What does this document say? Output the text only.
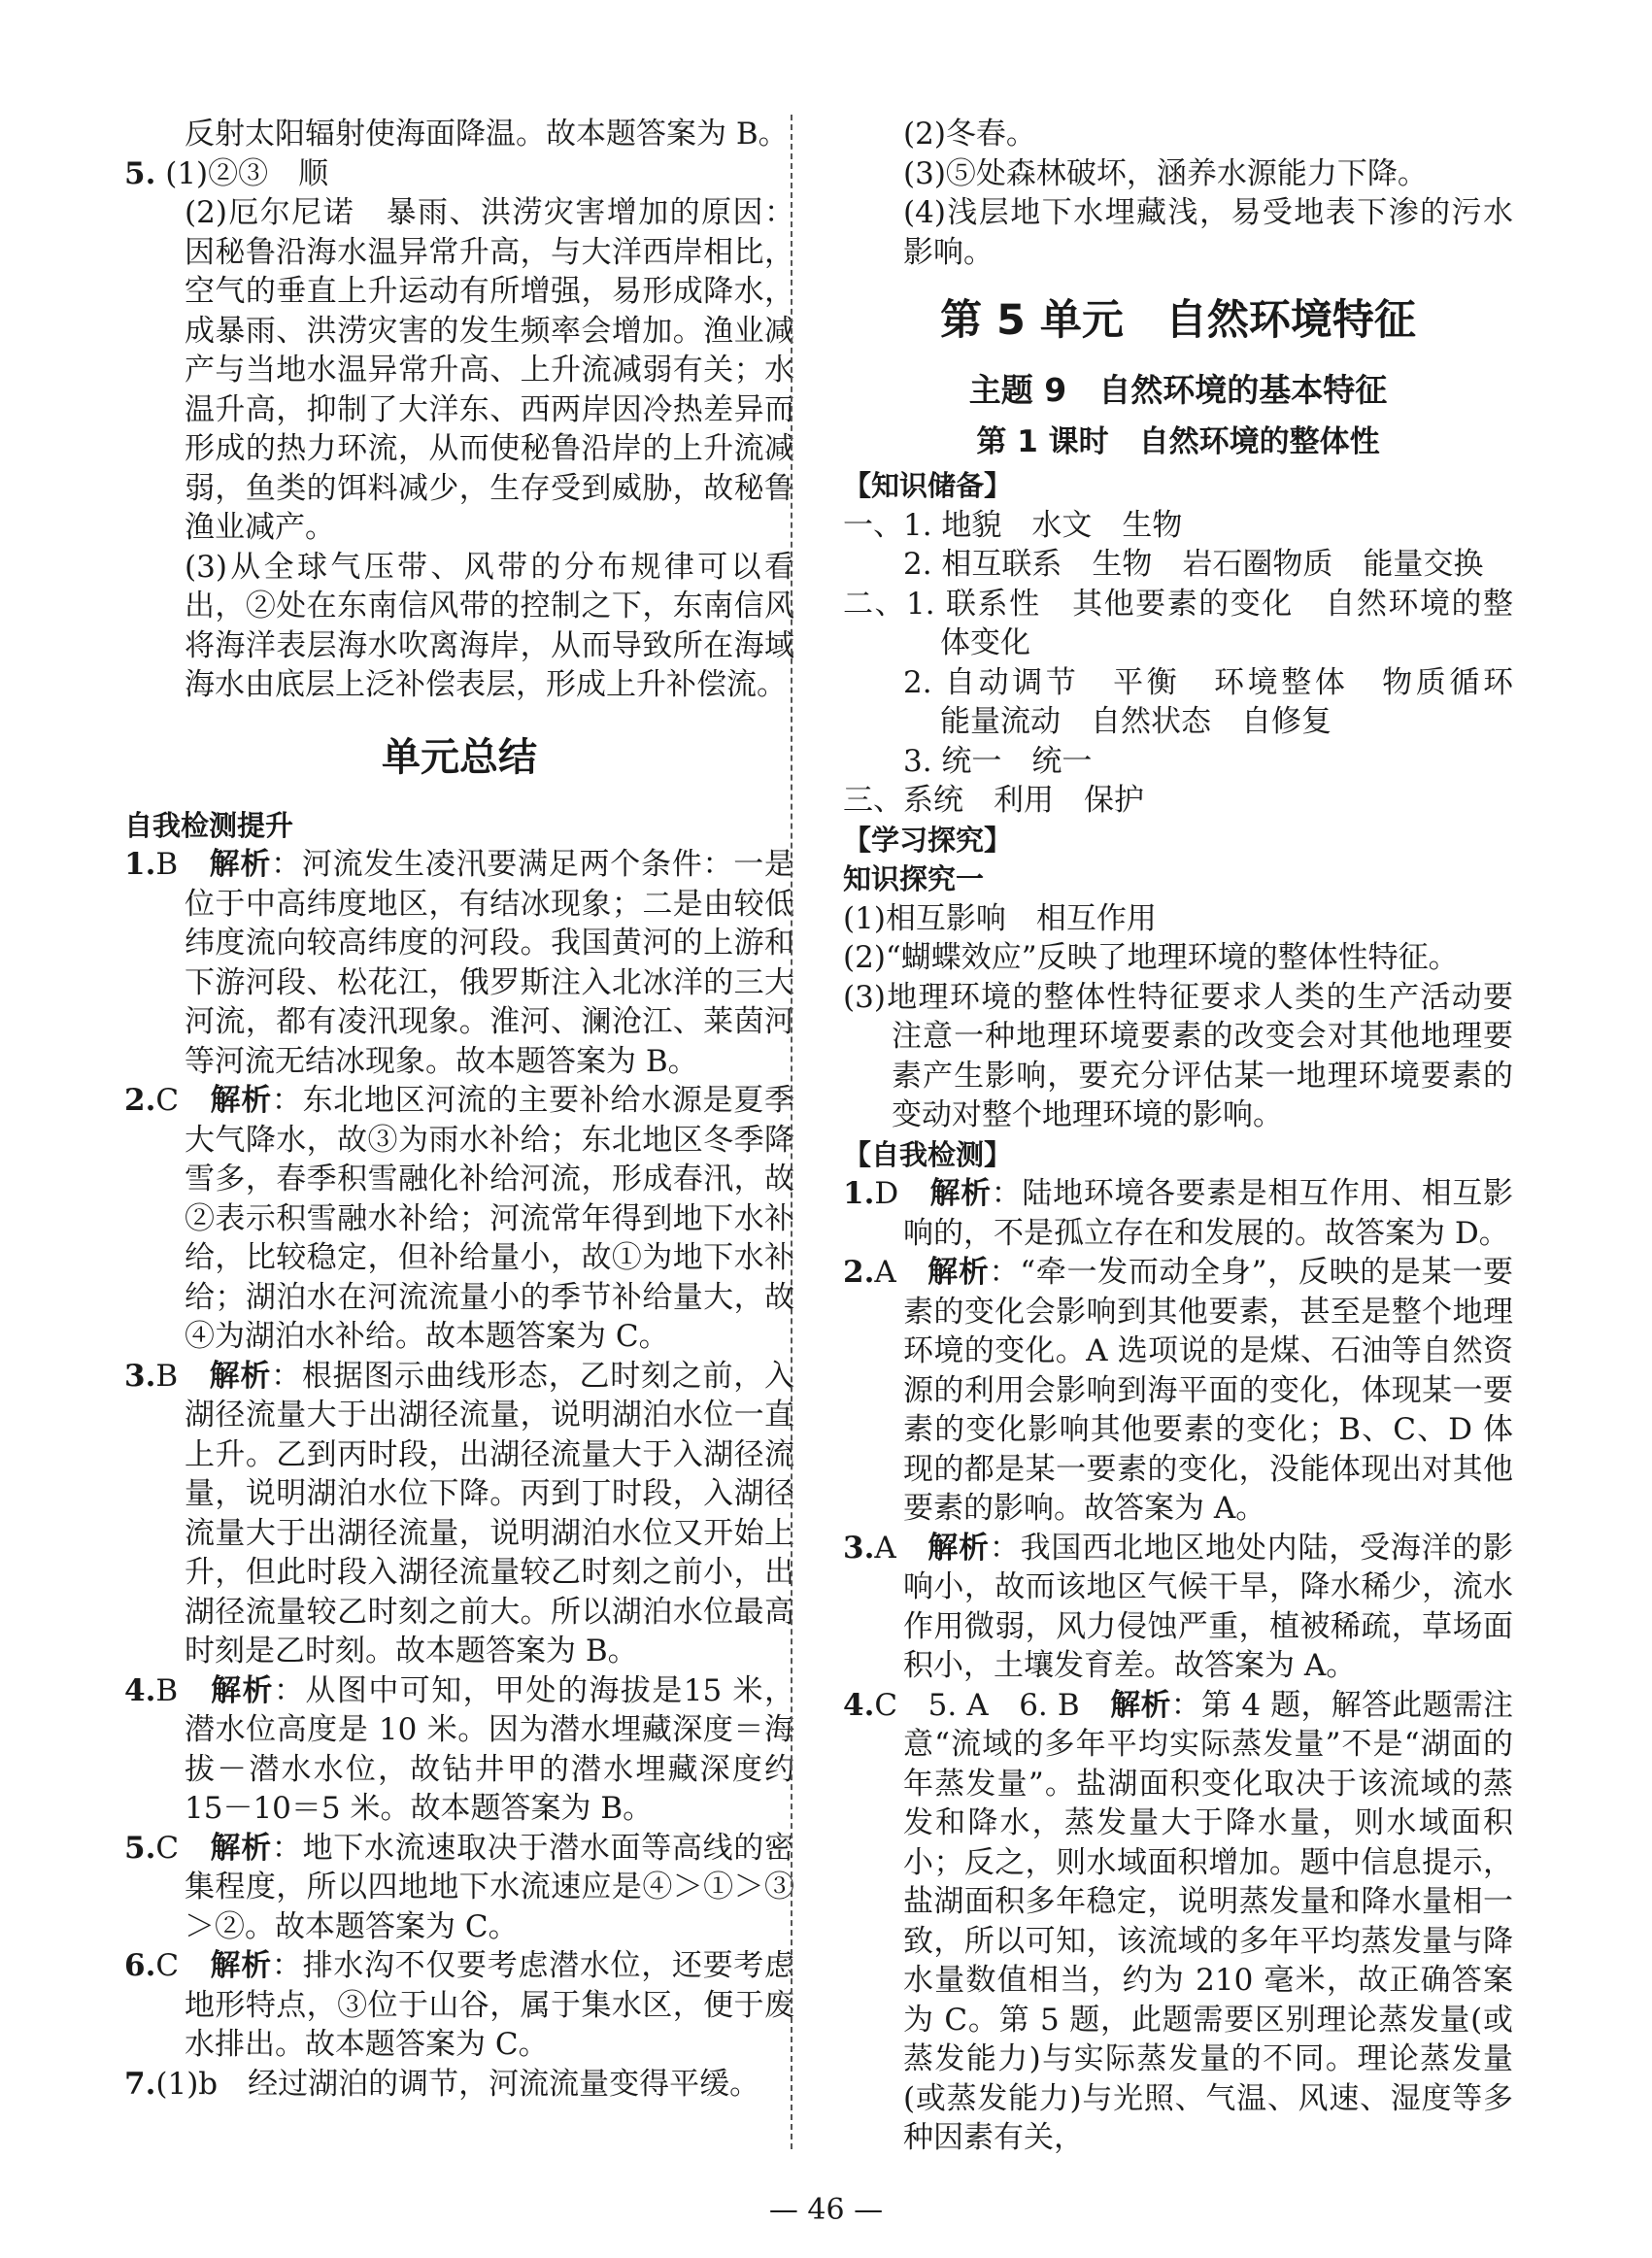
反射太阳辐射使海面降温。故本题答案为 B。

5. (1)②③　顺

(2)厄尔尼诺　暴雨、洪涝灾害增加的原因：因秘鲁沿海水温异常升高，与大洋西岸相比，空气的垂直上升运动有所增强，易形成降水，成暴雨、洪涝灾害的发生频率会增加。渔业减产与当地水温异常升高、上升流减弱有关；水温升高，抑制了大洋东、西两岸因冷热差异而形成的热力环流，从而使秘鲁沿岸的上升流减弱，鱼类的饵料减少，生存受到威胁，故秘鲁渔业减产。

(3)从全球气压带、风带的分布规律可以看出，②处在东南信风带的控制之下，东南信风将海洋表层海水吹离海岸，从而导致所在海域海水由底层上泛补偿表层，形成上升补偿流。

单元总结

自我检测提升

1.B　 解析：河流发生凌汛要满足两个条件：一是位于中高纬度地区，有结冰现象；二是由较低纬度流向较高纬度的河段。我国黄河的上游和下游河段、松花江，俄罗斯注入北冰洋的三大河流，都有凌汛现象。淮河、澜沧江、莱茵河等河流无结冰现象。故本题答案为 B。

2.C　 解析：东北地区河流的主要补给水源是夏季大气降水，故③为雨水补给；东北地区冬季降雪多，春季积雪融化补给河流，形成春汛，故②表示积雪融水补给；河流常年得到地下水补给，比较稳定，但补给量小，故①为地下水补给；湖泊水在河流流量小的季节补给量大，故④为湖泊水补给。故本题答案为 C。

3.B　 解析：根据图示曲线形态，乙时刻之前，入湖径流量大于出湖径流量，说明湖泊水位一直上升。乙到丙时段，出湖径流量大于入湖径流量，说明湖泊水位下降。丙到丁时段，入湖径流量大于出湖径流量，说明湖泊水位又开始上升，但此时段入湖径流量较乙时刻之前小，出湖径流量较乙时刻之前大。所以湖泊水位最高时刻是乙时刻。故本题答案为 B。

4.B　 解析：从图中可知，甲处的海拔是15 米，潜水位高度是 10 米。因为潜水埋藏深度＝海拔－潜水水位，故钻井甲的潜水埋藏深度约 15－10＝5 米。故本题答案为 B。

5.C　 解析：地下水流速取决于潜水面等高线的密集程度，所以四地地下水流速应是④＞①＞③＞②。故本题答案为 C。

6.C　 解析：排水沟不仅要考虑潜水位，还要考虑地形特点，③位于山谷，属于集水区，便于废水排出。故本题答案为 C。

7.(1)b　经过湖泊的调节，河流流量变得平缓。

(2)冬春。

(3)⑤处森林破坏，涵养水源能力下降。

(4)浅层地下水埋藏浅，易受地表下渗的污水影响。

第 5 单元　自然环境特征
主题 9　自然环境的基本特征
第 1 课时　自然环境的整体性

【知识储备】

一、1. 地貌　水文　生物

2. 相互联系　生物　岩石圈物质　能量交换

二、1. 联系性　其他要素的变化　自然环境的整体变化

2. 自动调节　平衡　环境整体　物质循环　能量流动　自然状态　自修复

3. 统一　统一

三、系统　利用　保护

【学习探究】

知识探究一

(1)相互影响　相互作用

(2)“蝴蝶效应”反映了地理环境的整体性特征。

(3)地理环境的整体性特征要求人类的生产活动要注意一种地理环境要素的改变会对其他地理要素产生影响，要充分评估某一地理环境要素的变动对整个地理环境的影响。

【自我检测】

1.D　 解析：陆地环境各要素是相互作用、相互影响的，不是孤立存在和发展的。故答案为 D。

2.A　 解析：“牵一发而动全身”，反映的是某一要素的变化会影响到其他要素，甚至是整个地理环境的变化。A 选项说的是煤、石油等自然资源的利用会影响到海平面的变化，体现某一要素的变化影响其他要素的变化；B、C、D 体现的都是某一要素的变化，没能体现出对其他要素的影响。故答案为 A。

3.A　 解析：我国西北地区地处内陆，受海洋的影响小，故而该地区气候干旱，降水稀少，流水作用微弱，风力侵蚀严重，植被稀疏，草场面积小，土壤发育差。故答案为 A。

4.C　5. A　6. B　解析：第 4 题，解答此题需注意“流域的多年平均实际蒸发量”不是“湖面的年蒸发量”。盐湖面积变化取决于该流域的蒸发和降水，蒸发量大于降水量，则水域面积小；反之，则水域面积增加。题中信息提示，盐湖面积多年稳定，说明蒸发量和降水量相一致，所以可知，该流域的多年平均蒸发量与降水量数值相当，约为 210 毫米，故正确答案为 C。第 5 题，此题需要区别理论蒸发量(或蒸发能力)与实际蒸发量的不同。理论蒸发量(或蒸发能力)与光照、气温、风速、湿度等多种因素有关，

— 46 —
